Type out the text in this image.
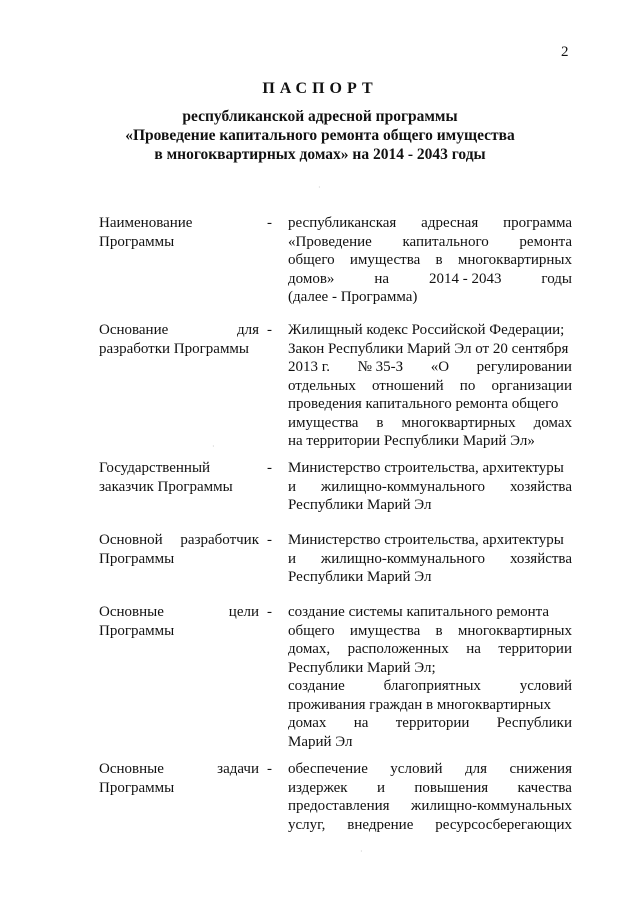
2
ПАСПОРТ
республиканской адресной программы
«Проведение капитального ремонта общего имущества
в многоквартирных домах» на 2014 - 2043 годы
Наименование
Программы
- республиканская адресная программа
«Проведение капитального ремонта
общего имущества в многоквартирных
домов»	на	2014 - 2043	годы
(далее - Программа)
Основание	для
разработки Программы
- Жилищный кодекс Российской Федерации;
Закон Республики Марий Эл от 20 сентября
2013 г. № 35-З «О регулировании
отдельных отношений по организации
проведения капитального ремонта общего
имущества в многоквартирных домах
на территории Республики Марий Эл»
Государственный
заказчик Программы
- Министерство строительства, архитектуры
и жилищно-коммунального хозяйства
Республики Марий Эл
Основной разработчик
Программы
- Министерство строительства, архитектуры
и жилищно-коммунального хозяйства
Республики Марий Эл
Основные	цели
Программы
- создание системы капитального ремонта
общего имущества в многоквартирных
домах, расположенных на территории
Республики Марий Эл;
создание	благоприятных	условий
проживания граждан в многоквартирных
домах на территории Республики
Марий Эл
Основные	задачи
Программы
- обеспечение условий для снижения
издержек и повышения качества
предоставления жилищно-коммунальных
услуг, внедрение ресурсосберегающих
·
·
·
